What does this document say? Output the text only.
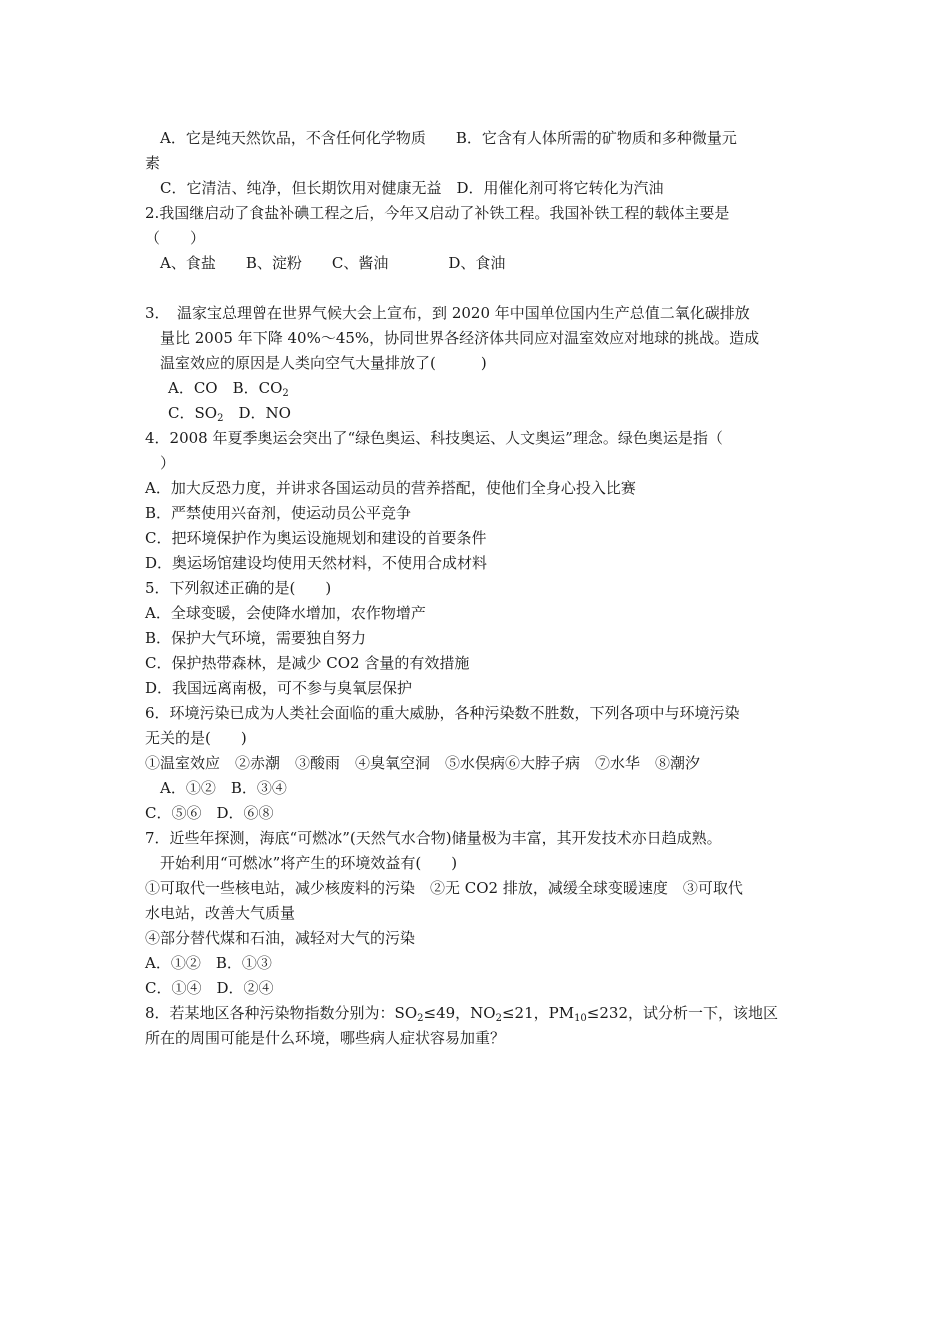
A．它是纯天然饮品，不含任何化学物质　　B．它含有人体所需的矿物质和多种微量元
素
C．它清洁、纯净，但长期饮用对健康无益　D．用催化剂可将它转化为汽油
2.我国继启动了食盐补碘工程之后，今年又启动了补铁工程。我国补铁工程的载体主要是
（　　）
A、食盐　　B、淀粉　　C、酱油　　　　D、食油
3．　温家宝总理曾在世界气候大会上宣布，到 2020 年中国单位国内生产总值二氧化碳排放
量比 2005 年下降 40%～45%，协同世界各经济体共同应对温室效应对地球的挑战。造成
温室效应的原因是人类向空气大量排放了(　　　)
A．CO　B．$CO_2$
C．$SO_2$　D．NO
4．2008 年夏季奥运会突出了“绿色奥运、科技奥运、人文奥运”理念。绿色奥运是指（
）
A．加大反恐力度，并讲求各国运动员的营养搭配，使他们全身心投入比赛
B．严禁使用兴奋剂，使运动员公平竞争
C．把环境保护作为奥运设施规划和建设的首要条件
D．奥运场馆建设均使用天然材料，不使用合成材料
5．下列叙述正确的是(　　)
A．全球变暖，会使降水增加，农作物增产
B．保护大气环境，需要独自努力
C．保护热带森林，是减少 CO2 含量的有效措施
D．我国远离南极，可不参与臭氧层保护
6．环境污染已成为人类社会面临的重大威胁，各种污染数不胜数，下列各项中与环境污染
无关的是(　　)
①温室效应　②赤潮　③酸雨　④臭氧空洞　⑤水俣病⑥大脖子病　⑦水华　⑧潮汐
A．①②　B．③④
C．⑤⑥　D．⑥⑧
7．近些年探测，海底“可燃冰”(天然气水合物)储量极为丰富，其开发技术亦日趋成熟。
开始利用“可燃冰”将产生的环境效益有(　　)
①可取代一些核电站，减少核废料的污染　②无 CO2 排放，减缓全球变暖速度　③可取代
水电站，改善大气质量
④部分替代煤和石油，减轻对大气的污染
A．①②　B．①③
C．①④　D．②④
8．若某地区各种污染物指数分别为：$SO_2\le 49$，$NO_2\le 21$，$PM_{10}\le 232$，试分析一下，该地区
所在的周围可能是什么环境，哪些病人症状容易加重？
